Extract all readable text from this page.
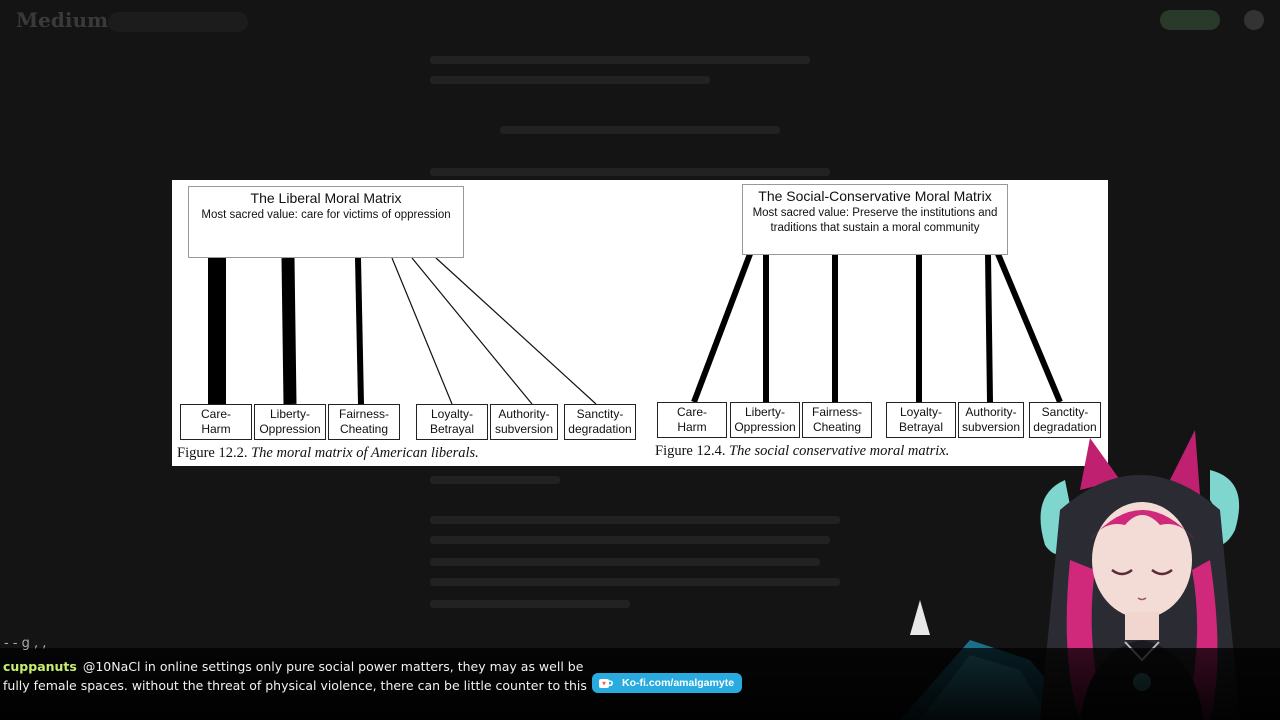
Medium
The Liberal Moral Matrix
Most sacred value: care for victims of oppression
The Social-Conservative Moral Matrix
Most sacred value: Preserve the institutions and traditions that sustain a moral community
Care-
Harm
Liberty-
Oppression
Fairness-
Cheating
Loyalty-
Betrayal
Authority-
subversion
Sanctity-
degradation
Care-
Harm
Liberty-
Oppression
Fairness-
Cheating
Loyalty-
Betrayal
Authority-
subversion
Sanctity-
degradation
Figure 12.2. The moral matrix of American liberals.	Figure 12.4. The social conservative moral matrix.
- - g , ,
cuppanuts @10NaCl in online settings only pure social power matters, they may as well be fully female spaces. without the threat of physical violence, there can be little counter to this	Ko-fi.com/amalgamyte
